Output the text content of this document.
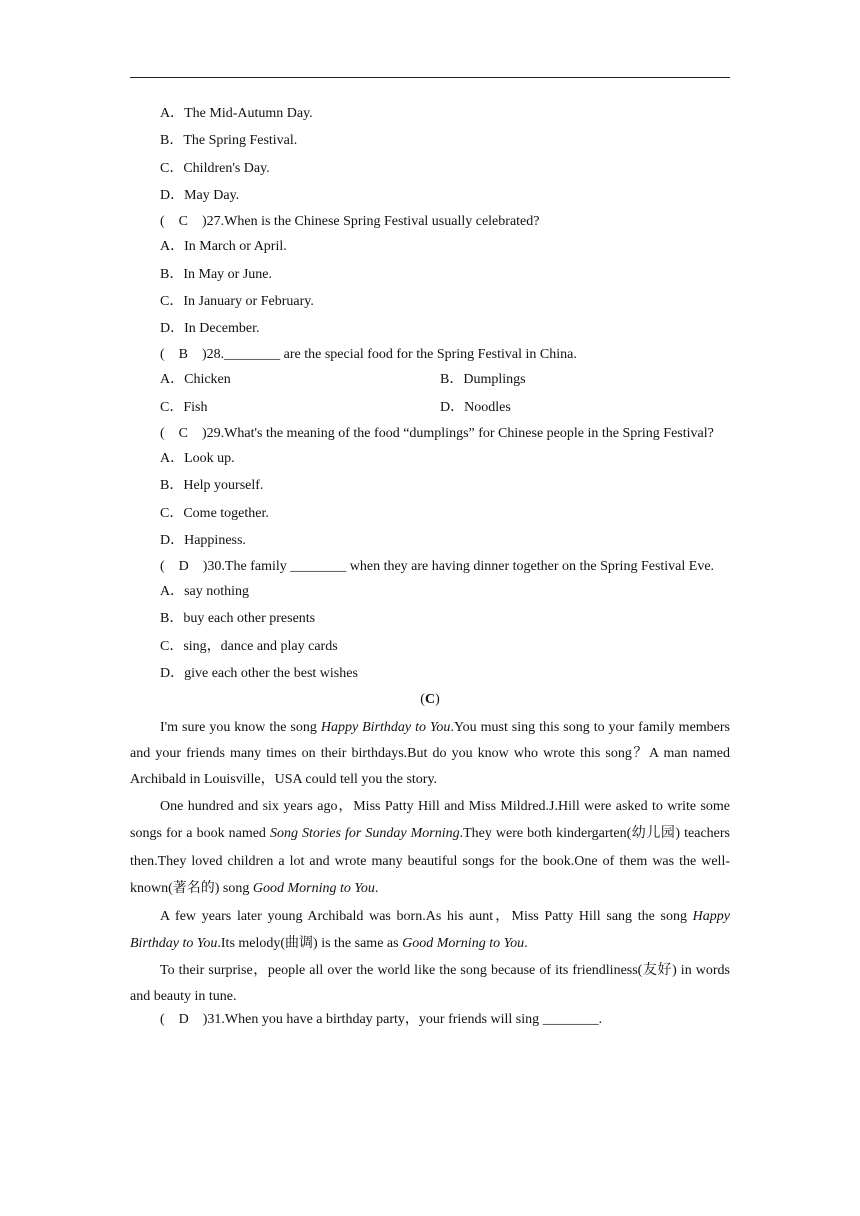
A．The Mid-Autumn Day.
B．The Spring Festival.
C．Children's Day.
D．May Day.
(　C　)27.When is the Chinese Spring Festival usually celebrated?
A．In March or April.
B．In May or June.
C．In January or February.
D．In December.
(　B　)28.________ are the special food for the Spring Festival in China.
A．Chicken	B．Dumplings
C．Fish	D．Noodles
(　C　)29.What's the meaning of the food “dumplings” for Chinese people in the Spring Festival?
A．Look up.
B．Help yourself.
C．Come together.
D．Happiness.
(　D　)30.The family ________ when they are having dinner together on the Spring Festival Eve.
A．say nothing
B．buy each other presents
C．sing，dance and play cards
D．give each other the best wishes
(C)

I'm sure you know the song Happy Birthday to You.You must sing this song to your family members and your friends many times on their birthdays.But do you know who wrote this song？A man named Archibald in Louisville，USA could tell you the story.

One hundred and six years ago，Miss Patty Hill and Miss Mildred.J.Hill were asked to write some songs for a book named Song Stories for Sunday Morning.They were both kindergarten(幼儿园) teachers then.They loved children a lot and wrote many beautiful songs for the book.One of them was the well-known(著名的) song Good Morning to You.

A few years later young Archibald was born.As his aunt，Miss Patty Hill sang the song Happy Birthday to You.Its melody(曲调) is the same as Good Morning to You.

To their surprise，people all over the world like the song because of its friendliness(友好) in words and beauty in tune.

(　D　)31.When you have a birthday party，your friends will sing ________.
